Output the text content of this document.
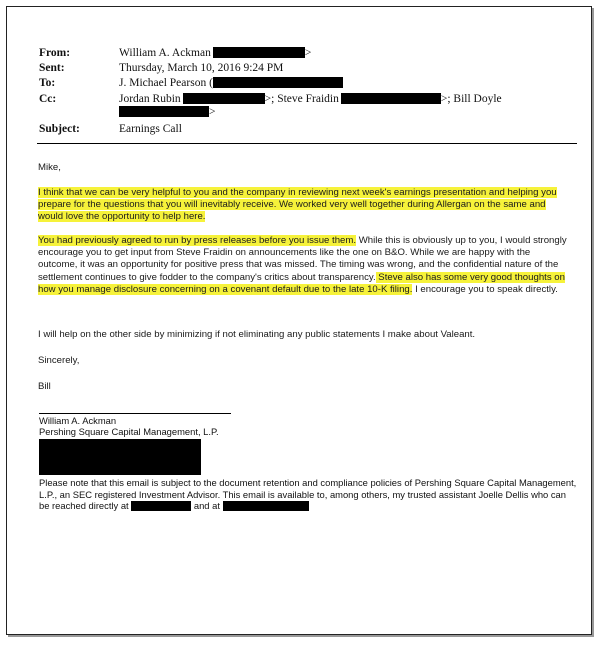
From:	William A. Ackman	>
Sent:	Thursday, March 10, 2016 9:24 PM
To:	J. Michael Pearson (
Cc:	Jordan Rubin	>; Steve Fraidin	>; Bill Doyle
>
Subject:	Earnings Call
Mike,
I think that we can be very helpful to you and the company in reviewing next week's earnings presentation and helping you prepare for the questions that you will inevitably receive. We worked very well together during Allergan on the same and would love the opportunity to help here.
You had previously agreed to run by press releases before you issue them. While this is obviously up to you, I would strongly encourage you to get input from Steve Fraidin on announcements like the one on B&O. While we are happy with the outcome, it was an opportunity for positive press that was missed. The timing was wrong, and the confidential nature of the settlement continues to give fodder to the company's critics about transparency. Steve also has some very good thoughts on how you manage disclosure concerning on a covenant default due to the late 10-K filing. I encourage you to speak directly.
I will help on the other side by minimizing if not eliminating any public statements I make about Valeant.
Sincerely,
Bill
William A. Ackman
Pershing Square Capital Management, L.P.
Please note that this email is subject to the document retention and compliance policies of Pershing Square Capital Management, L.P., an SEC registered Investment Advisor. This email is available to, among others, my trusted assistant Joelle Dellis who can be reached directly at	and at
